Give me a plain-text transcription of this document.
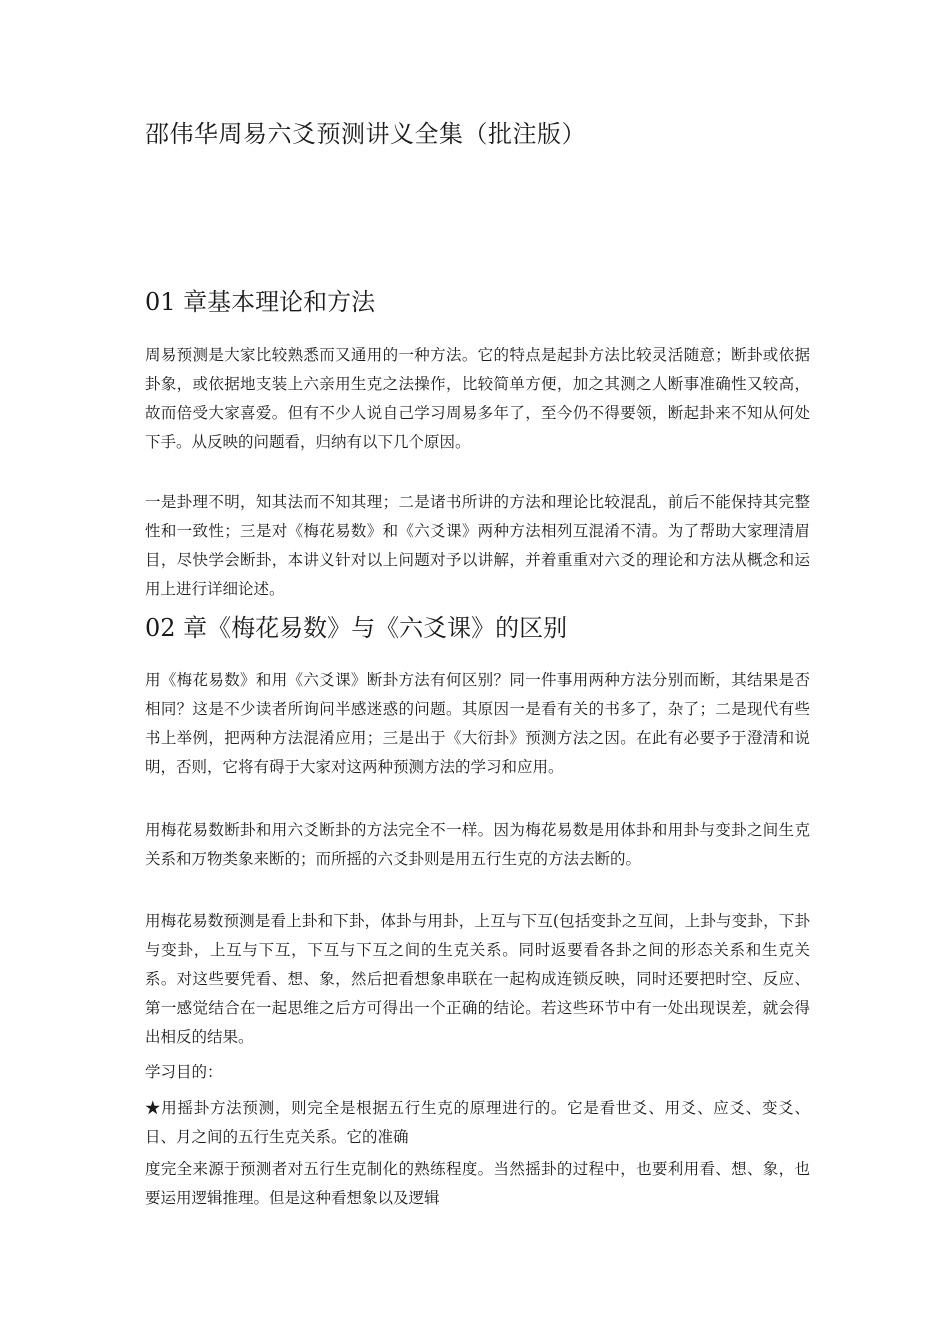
邵伟华周易六爻预测讲义全集（批注版）
01 章基本理论和方法

周易预测是大家比较熟悉而又通用的一种方法。它的特点是起卦方法比较灵活随意；断卦或依据卦象，或依据地支装上六亲用生克之法操作，比较简单方便，加之其测之人断事准确性又较高，故而倍受大家喜爱。但有不少人说自己学习周易多年了，至今仍不得要领，断起卦来不知从何处下手。从反映的问题看，归纳有以下几个原因。

一是卦理不明，知其法而不知其理；二是诸书所讲的方法和理论比较混乱，前后不能保持其完整性和一致性；三是对《梅花易数》和《六爻课》两种方法相列互混淆不清。为了帮助大家理清眉目，尽快学会断卦，本讲义针对以上问题对予以讲解，并着重重对六爻的理论和方法从概念和运用上进行详细论述。

02 章《梅花易数》与《六爻课》的区别

用《梅花易数》和用《六爻课》断卦方法有何区别？同一件事用两种方法分别而断，其结果是否相同？这是不少读者所询问半感迷惑的问题。其原因一是看有关的书多了，杂了；二是现代有些书上举例，把两种方法混淆应用；三是出于《大衍卦》预测方法之因。在此有必要予于澄清和说明，否则，它将有碍于大家对这两种预测方法的学习和应用。

用梅花易数断卦和用六爻断卦的方法完全不一样。因为梅花易数是用体卦和用卦与变卦之间生克关系和万物类象来断的；而所摇的六爻卦则是用五行生克的方法去断的。

用梅花易数预测是看上卦和下卦，体卦与用卦，上互与下互(包括变卦之互间，上卦与变卦，下卦与变卦，上互与下互，下互与下互之间的生克关系。同时返要看各卦之间的形态关系和生克关系。对这些要凭看、想、象，然后把看想象串联在一起构成连锁反映，同时还要把时空、反应、第一感觉结合在一起思维之后方可得出一个正确的结论。若这些环节中有一处出现误差，就会得出相反的结果。

学习目的：

★用摇卦方法预测，则完全是根据五行生克的原理进行的。它是看世爻、用爻、应爻、变爻、日、月之间的五行生克关系。它的准确

度完全来源于预测者对五行生克制化的熟练程度。当然摇卦的过程中，也要利用看、想、象，也要运用逻辑推理。但是这种看想象以及逻辑
